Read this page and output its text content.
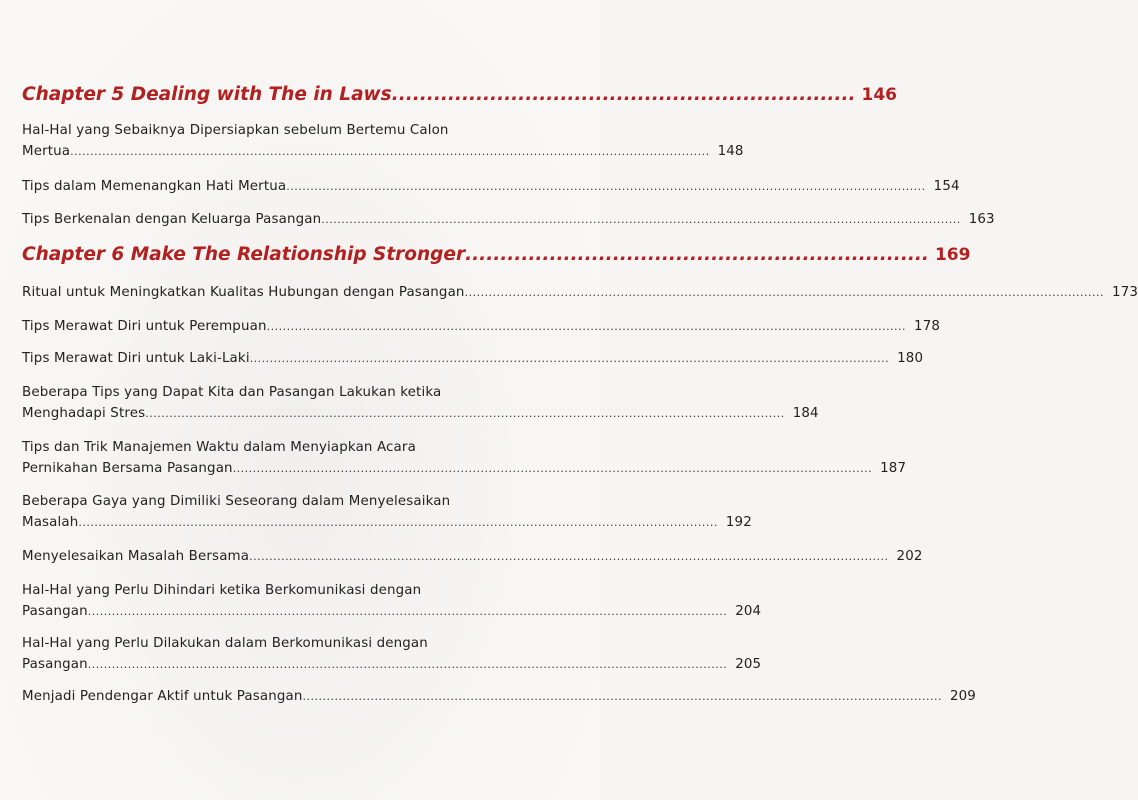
Chapter 5 Dealing with The in Laws .................................................................. 146
Hal-Hal yang Sebaiknya Dipersiapkan sebelum Bertemu Calon
Mertua ................................................................................................................................................................ 148
Tips dalam Memenangkan Hati Mertua ................................................................................................................................................................ 154
Tips Berkenalan dengan Keluarga Pasangan ................................................................................................................................................................ 163
Chapter 6 Make The Relationship Stronger .................................................................. 169
Ritual untuk Meningkatkan Kualitas Hubungan dengan Pasangan ................................................................................................................................................................ 173
Tips Merawat Diri untuk Perempuan ................................................................................................................................................................ 178
Tips Merawat Diri untuk Laki-Laki ................................................................................................................................................................ 180
Beberapa Tips yang Dapat Kita dan Pasangan Lakukan ketika
Menghadapi Stres ................................................................................................................................................................ 184
Tips dan Trik Manajemen Waktu dalam Menyiapkan Acara
Pernikahan Bersama Pasangan ................................................................................................................................................................ 187
Beberapa Gaya yang Dimiliki Seseorang dalam Menyelesaikan
Masalah ................................................................................................................................................................ 192
Menyelesaikan Masalah Bersama ................................................................................................................................................................ 202
Hal-Hal yang Perlu Dihindari ketika Berkomunikasi dengan
Pasangan ................................................................................................................................................................ 204
Hal-Hal yang Perlu Dilakukan dalam Berkomunikasi dengan
Pasangan ................................................................................................................................................................ 205
Menjadi Pendengar Aktif untuk Pasangan ................................................................................................................................................................ 209
